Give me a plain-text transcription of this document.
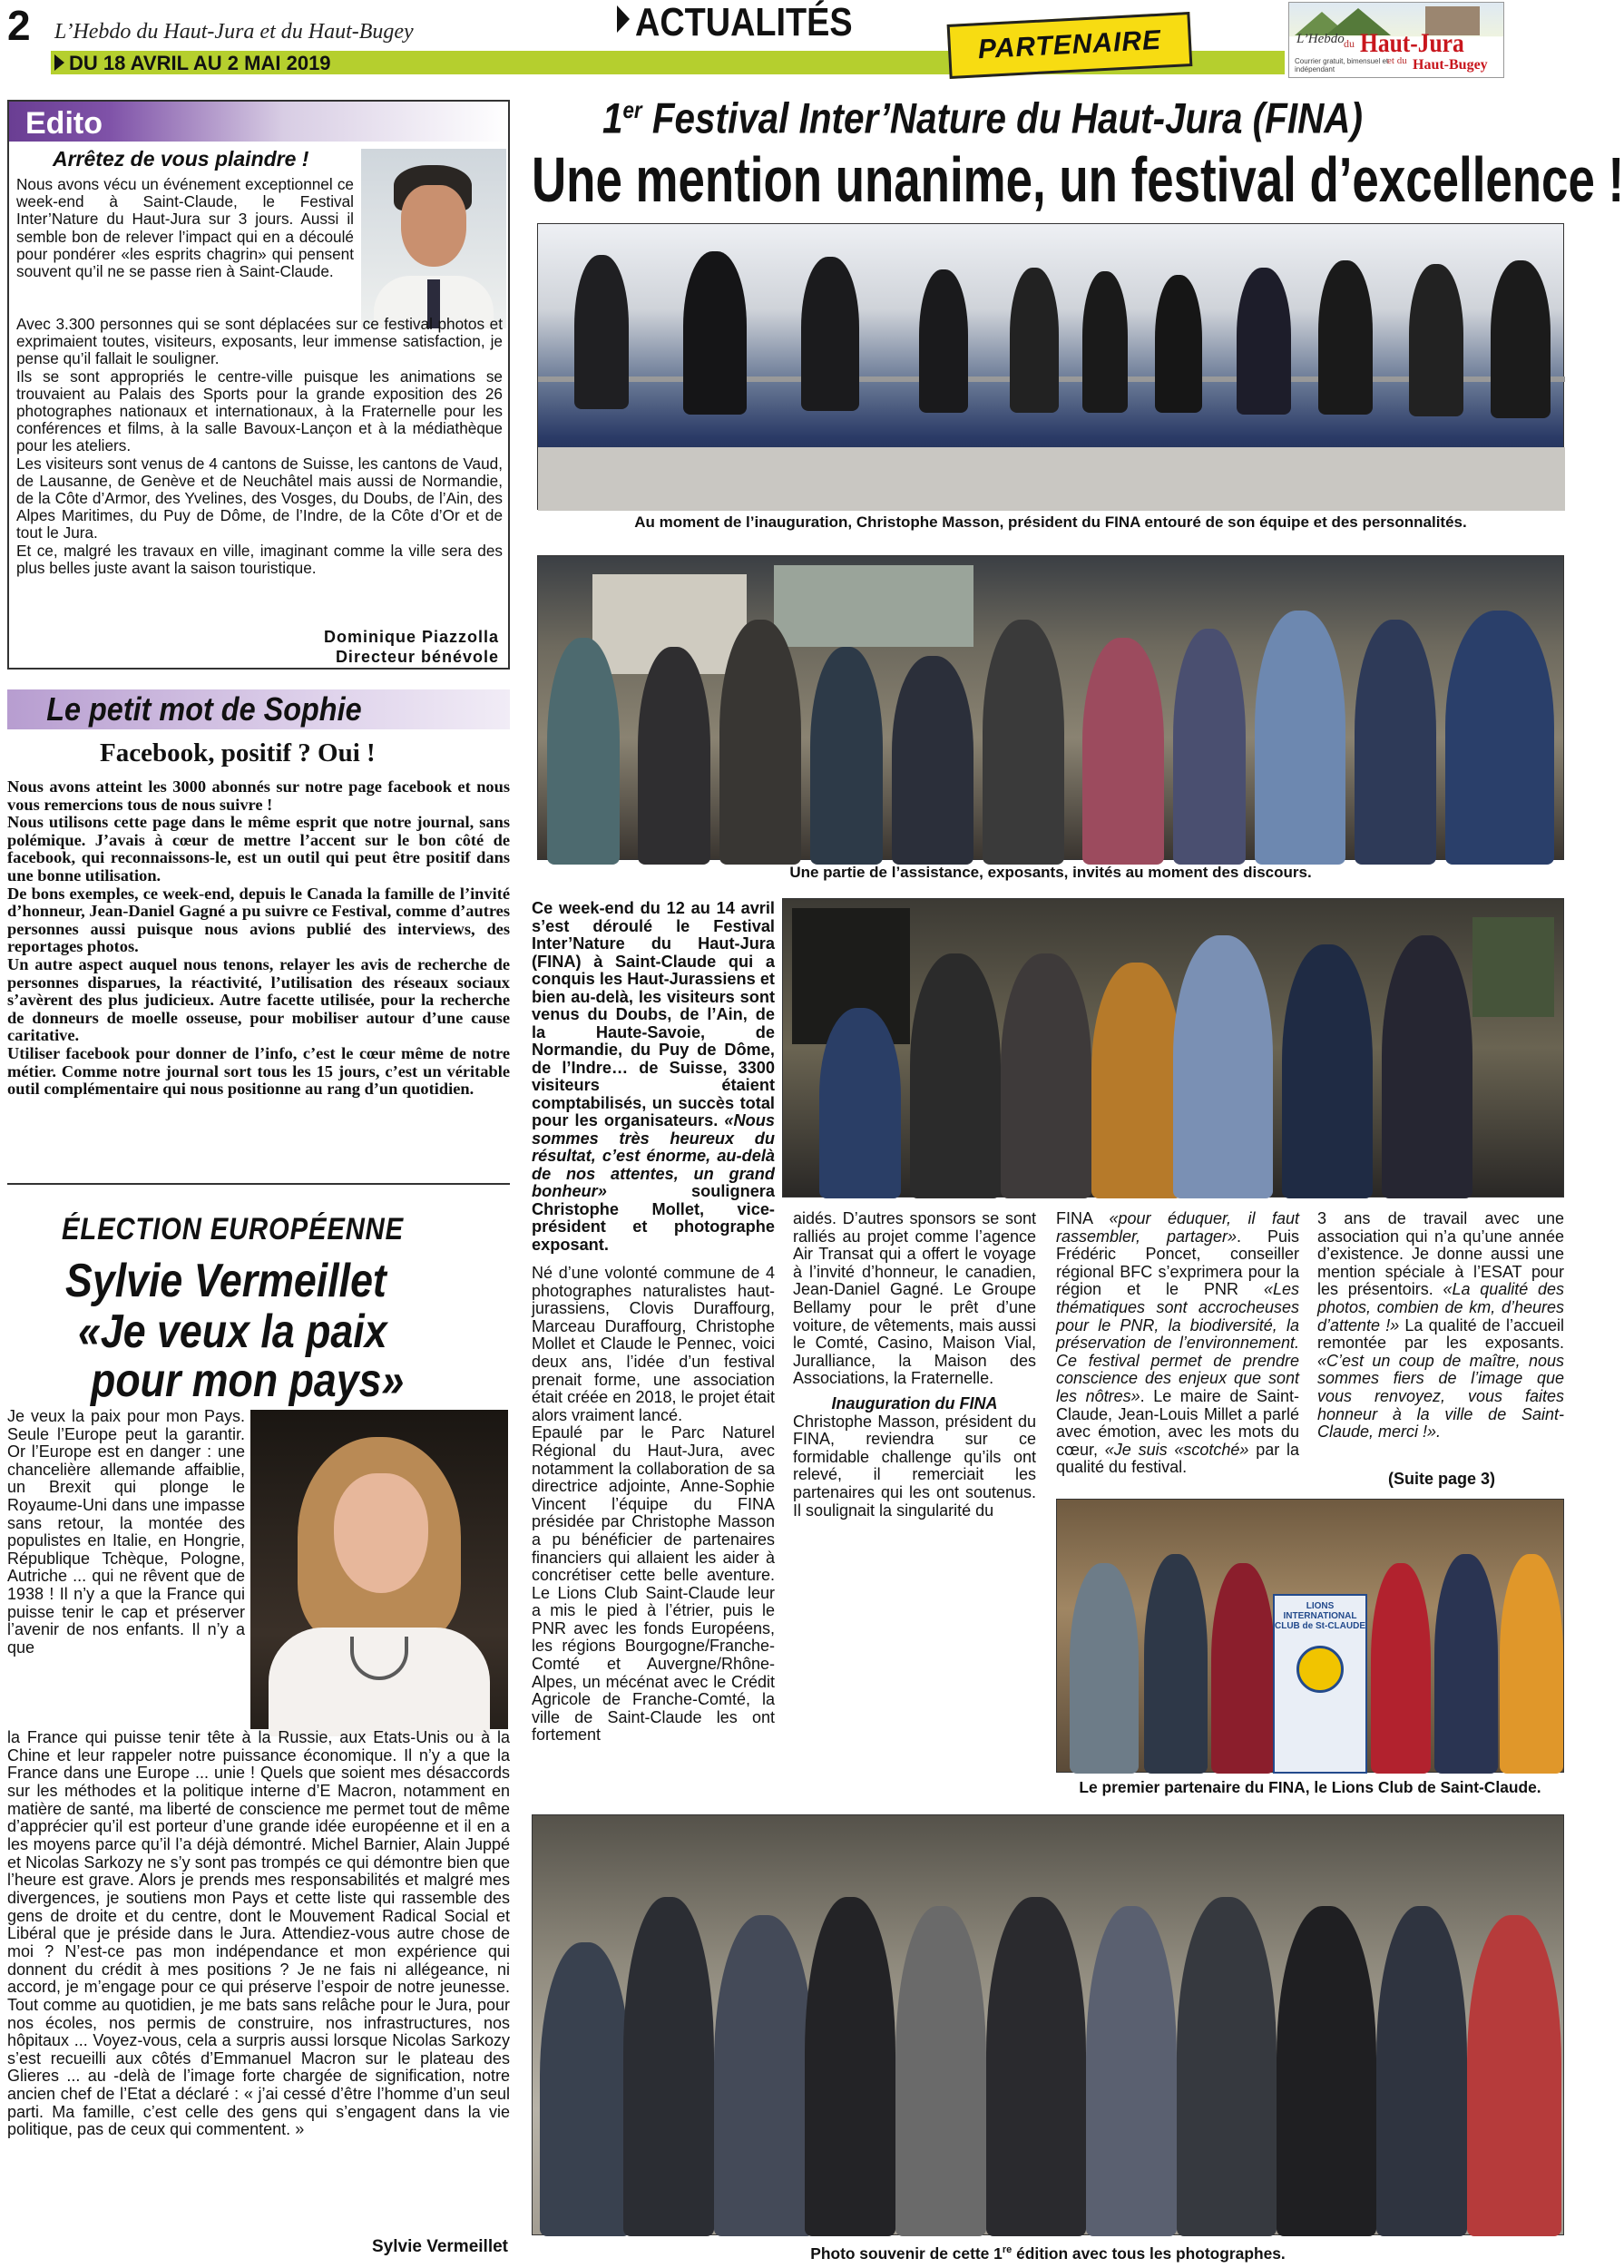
2 L’Hebdo du Haut-Jura et du Haut-Bugey
DU 18 AVRIL AU 2 MAI 2019
ACTUALITÉS
PARTENAIRE	L’Hebdo du Haut-Jura
et du Haut-Bugey
Courrier gratuit, bimensuel et indépendant
Edito
Arrêtez de vous plaindre !

Nous avons vécu un événement exceptionnel ce week-end à Saint-Claude, le Festival Inter’Nature du Haut-Jura sur 3 jours. Aussi il semble bon de relever l’impact qui en a découlé pour pondérer «les esprits chagrin» qui pensent souvent qu’il ne se passe rien à Saint-Claude.

Avec 3.300 personnes qui se sont déplacées sur ce festival photos et exprimaient toutes, visiteurs, exposants, leur immense satisfaction, je pense qu’il fallait le souligner.

Ils se sont appropriés le centre-ville puisque les animations se trouvaient au Palais des Sports pour la grande exposition des 26 photographes nationaux et internationaux, à la Fraternelle pour les conférences et films, à la salle Bavoux-Lançon et à la médiathèque pour les ateliers.

Les visiteurs sont venus de 4 cantons de Suisse, les cantons de Vaud, de Lausanne, de Genève et de Neuchâtel mais aussi de Normandie, de la Côte d’Armor, des Yvelines, des Vosges, du Doubs, de l’Ain, des Alpes Maritimes, du Puy de Dôme, de l’Indre, de la Côte d’Or et de tout le Jura.

Et ce, malgré les travaux en ville, imaginant comme la ville sera des plus belles juste avant la saison touristique.

Dominique Piazzolla
Directeur bénévole
Le petit mot de Sophie
Facebook, positif ? Oui !

Nous avons atteint les 3000 abonnés sur notre page facebook et nous vous remercions tous de nous suivre !

Nous utilisons cette page dans le même esprit que notre journal, sans polémique. J’avais à cœur de mettre l’accent sur le bon côté de facebook, qui reconnaissons-le, est un outil qui peut être positif dans une bonne utilisation.

De bons exemples, ce week-end, depuis le Canada la famille de l’invité d’honneur, Jean-Daniel Gagné a pu suivre ce Festival, comme d’autres personnes aussi puisque nous avions publié des interviews, des reportages photos.

Un autre aspect auquel nous tenons, relayer les avis de recherche de personnes disparues, la réactivité, l’utilisation des réseaux sociaux s’avèrent des plus judicieux. Autre facette utilisée, pour la recherche de donneurs de moelle osseuse, pour mobiliser autour d’une cause caritative.

Utiliser facebook pour donner de l’info, c’est le cœur même de notre métier. Comme notre journal sort tous les 15 jours, c’est un véritable outil complémentaire qui nous positionne au rang d’un quotidien.

ÉLECTION EUROPÉENNE
Sylvie Vermeillet
«Je veux la paix
pour mon pays»
Je veux la paix pour mon Pays. Seule l’Europe peut la garantir. Or l’Europe est en danger : une chancelière allemande affaiblie, un Brexit qui plonge le Royaume-Uni dans une impasse sans retour, la montée des populistes en Italie, en Hongrie, République Tchèque, Pologne, Autriche ... qui ne rêvent que de 1938 ! Il n’y a que la France qui puisse tenir le cap et préserver l’avenir de nos enfants. Il n’y a que
la France qui puisse tenir tête à la Russie, aux Etats-Unis ou à la Chine et leur rappeler notre puissance économique. Il n’y a que la France dans une Europe ... unie ! Quels que soient mes désaccords sur les méthodes et la politique interne d’E Macron, notamment en matière de santé, ma liberté de conscience me permet tout de même d’apprécier qu’il est porteur d’une grande idée européenne et il en a les moyens parce qu’il l’a déjà démontré. Michel Barnier, Alain Juppé et Nicolas Sarkozy ne s’y sont pas trompés ce qui démontre bien que l’heure est grave. Alors je prends mes responsabilités et malgré mes divergences, je soutiens mon Pays et cette liste qui rassemble des gens de droite et du centre, dont le Mouvement Radical Social et Libéral que je préside dans le Jura. Attendiez-vous autre chose de moi ? N’est-ce pas mon indépendance et mon expérience qui donnent du crédit à mes positions ? Je ne fais ni allégeance, ni accord, je m’engage pour ce qui préserve l’espoir de notre jeunesse. Tout comme au quotidien, je me bats sans relâche pour le Jura, pour nos écoles, nos permis de construire, nos infrastructures, nos hôpitaux ... Voyez-vous, cela a surpris aussi lorsque Nicolas Sarkozy s’est recueilli aux côtés d’Emmanuel Macron sur le plateau des Glieres ... au -delà de l’image forte chargée de signification, notre ancien chef de l’Etat a déclaré : « j’ai cessé d’être l’homme d’un seul parti. Ma famille, c’est celle des gens qui s’engagent dans la vie politique, pas de ceux qui commentent. »
Sylvie Vermeillet
1er Festival Inter’Nature du Haut-Jura (FINA)
Une mention unanime, un festival d’excellence !
Au moment de l’inauguration, Christophe Masson, président du FINA entouré de son équipe et des personnalités.
Une partie de l’assistance, exposants, invités au moment des discours.
Ce week-end du 12 au 14 avril s’est déroulé le Festival Inter’Nature du Haut-Jura (FINA) à Saint-Claude qui a conquis les Haut-Jurassiens et bien au-delà, les visiteurs sont venus du Doubs, de l’Ain, de la Haute-Savoie, de Normandie, du Puy de Dôme, de l’Indre… de Suisse, 3300 visiteurs étaient comptabilisés, un succès total pour les organisateurs. «Nous sommes très heureux du résultat, c’est énorme, au-delà de nos attentes, un grand bonheur»	soulignera Christophe Mollet, vice-président et photographe exposant.

Né d’une volonté commune de 4 photographes naturalistes haut-jurassiens, Clovis Duraffourg, Marceau Duraffourg, Christophe Mollet et Claude le Pennec, voici deux ans, l’idée d’un festival prenait forme, une association était créée en 2018, le projet était alors vraiment lancé.

Epaulé par le Parc Naturel Régional du Haut-Jura, avec notamment la collaboration de sa directrice adjointe, Anne-Sophie Vincent l’équipe du FINA présidée par Christophe Masson a pu bénéficier de partenaires financiers qui allaient les aider à concrétiser cette belle aventure. Le Lions Club Saint-Claude leur a mis le pied à l’étrier, puis le PNR avec les fonds Européens, les régions Bourgogne/Franche-Comté et Auvergne/Rhône-Alpes, un mécénat avec le Crédit Agricole de Franche-Comté, la ville de Saint-Claude les ont fortement

aidés. D’autres sponsors se sont ralliés au projet comme l’agence Air Transat qui a offert le voyage à l’invité d’honneur, le canadien, Jean-Daniel Gagné. Le Groupe Bellamy pour le prêt d’une voiture, de vêtements, mais aussi le Comté, Casino, Maison Vial, Juralliance, la Maison des Associations, la Fraternelle.

Inauguration du FINA

Christophe Masson, président du FINA, reviendra sur ce formidable challenge qu’ils ont relevé, il remerciait les partenaires qui les ont soutenus. Il soulignait la singularité du

FINA «pour éduquer, il faut rassembler, partager». Puis Frédéric Poncet, conseiller régional BFC s’exprimera pour la région et le PNR «Les thématiques sont accrocheuses pour le PNR, la biodiversité, la préservation de l’environnement. Ce festival permet de prendre conscience des enjeux que sont les nôtres». Le maire de Saint-Claude, Jean-Louis Millet a parlé avec émotion, avec les mots du cœur, «Je suis «scotché» par la qualité du festival.
3 ans de travail avec une association qui n’a qu’une année d’existence. Je donne aussi une mention spéciale à l’ESAT pour les présentoirs. «La qualité des photos, combien de km, d’heures d’attente !» La qualité de l’accueil remontée par les exposants. «C’est un coup de maître, nous sommes fiers de l’image que vous renvoyez, vous faites honneur à la ville de Saint-Claude, merci !».
(Suite page 3)
LIONS INTERNATIONAL
CLUB de St-CLAUDE
Le premier partenaire du FINA, le Lions Club de Saint-Claude.
Photo souvenir de cette 1re édition avec tous les photographes.
